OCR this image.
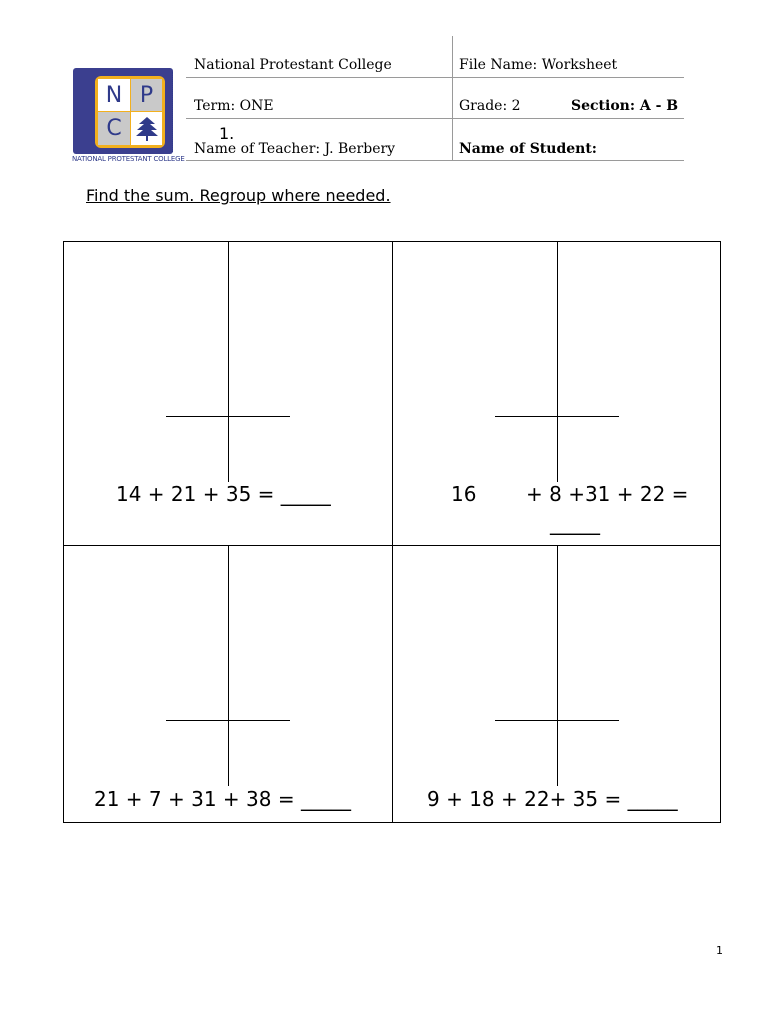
N P
C
NATIONAL PROTESTANT COLLEGE
National Protestant College	File Name: Worksheet
Term: ONE	Grade: 2	Section: A - B
1.
Name of Teacher: J. Berbery	Name of Student:
Find the sum. Regroup where needed.
14 + 21 + 35 = _____	16 + 8 +31 + 22 =
_____
21 + 7 + 31 + 38 = _____	9 + 18 + 22+ 35 = _____
1
